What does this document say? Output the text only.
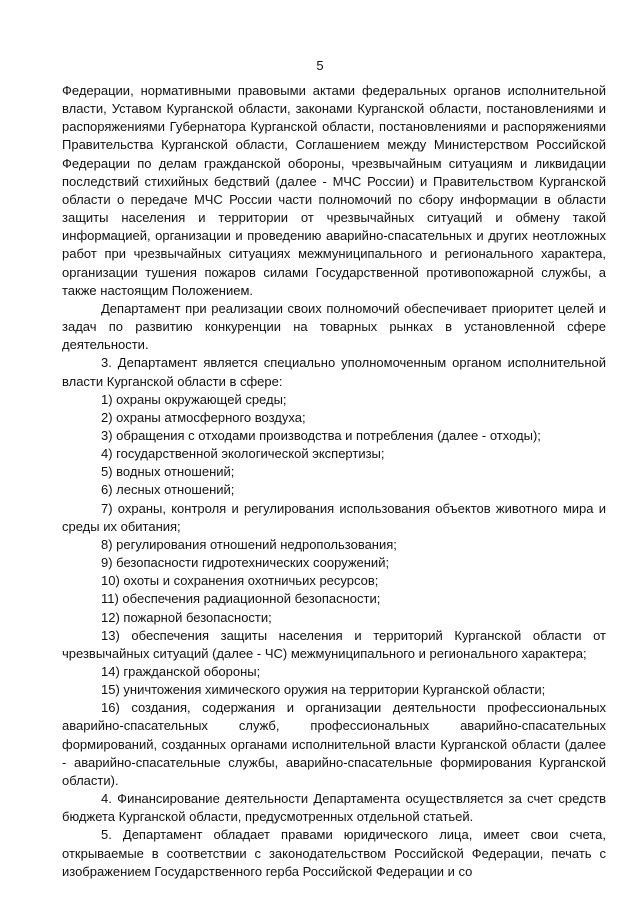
5

Федерации, нормативными правовыми актами федеральных органов исполнительной власти, Уставом Курганской области, законами Курганской области, постановлениями и распоряжениями Губернатора Курганской области, постановлениями и распоряжениями Правительства Курганской области, Соглашением между Министерством Российской Федерации по делам гражданской обороны, чрезвычайным ситуациям и ликвидации последствий стихийных бедствий (далее - МЧС России) и Правительством Курганской области о передаче МЧС России части полномочий по сбору информации в области защиты населения и территории от чрезвычайных ситуаций и обмену такой информацией, организации и проведению аварийно-спасательных и других неотложных работ при чрезвычайных ситуациях межмуниципального и регионального характера, организации тушения пожаров силами Государственной противопожарной службы, а также настоящим Положением.

Департамент при реализации своих полномочий обеспечивает приоритет целей и задач по развитию конкуренции на товарных рынках в установленной сфере деятельности.

3. Департамент является специально уполномоченным органом исполнительной власти Курганской области в сфере:

1) охраны окружающей среды;

2) охраны атмосферного воздуха;

3) обращения с отходами производства и потребления (далее - отходы);

4) государственной экологической экспертизы;

5) водных отношений;

6) лесных отношений;

7) охраны, контроля и регулирования использования объектов животного мира и среды их обитания;

8) регулирования отношений недропользования;

9) безопасности гидротехнических сооружений;

10) охоты и сохранения охотничьих ресурсов;

11) обеспечения радиационной безопасности;

12) пожарной безопасности;

13) обеспечения защиты населения и территорий Курганской области от чрезвычайных ситуаций (далее - ЧС) межмуниципального и регионального характера;

14) гражданской обороны;

15) уничтожения химического оружия на территории Курганской области;

16) создания, содержания и организации деятельности профессиональных аварийно-спасательных служб, профессиональных аварийно-спасательных формирований, созданных органами исполнительной власти Курганской области (далее - аварийно-спасательные службы, аварийно-спасательные формирования Курганской области).

4. Финансирование деятельности Департамента осуществляется за счет средств бюджета Курганской области, предусмотренных отдельной статьей.

5. Департамент обладает правами юридического лица, имеет свои счета, открываемые в соответствии с законодательством Российской Федерации, печать с изображением Государственного герба Российской Федерации и со
